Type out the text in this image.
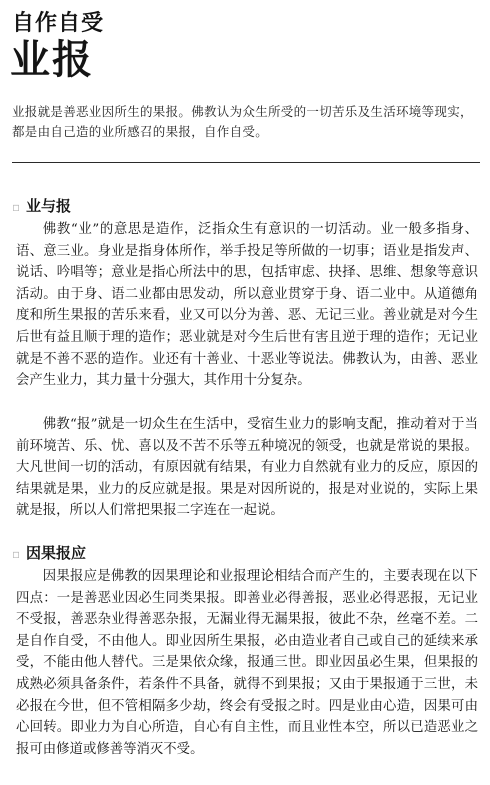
自作自受
业报

业报就是善恶业因所生的果报。佛教认为众生所受的一切苦乐及生活环境等现实，都是由自己造的业所感召的果报，自作自受。

▫ 业与报

佛教“业”的意思是造作，泛指众生有意识的一切活动。业一般多指身、语、意三业。身业是指身体所作，举手投足等所做的一切事；语业是指发声、说话、吟唱等；意业是指心所法中的思，包括审虑、抉择、思维、想象等意识活动。由于身、语二业都由思发动，所以意业贯穿于身、语二业中。从道德角度和所生果报的苦乐来看，业又可以分为善、恶、无记三业。善业就是对今生后世有益且顺于理的造作；恶业就是对今生后世有害且逆于理的造作；无记业就是不善不恶的造作。业还有十善业、十恶业等说法。佛教认为，由善、恶业会产生业力，其力量十分强大，其作用十分复杂。

佛教“报”就是一切众生在生活中，受宿生业力的影响支配，推动着对于当前环境苦、乐、忧、喜以及不苦不乐等五种境况的领受，也就是常说的果报。大凡世间一切的活动，有原因就有结果，有业力自然就有业力的反应，原因的结果就是果，业力的反应就是报。果是对因所说的，报是对业说的，实际上果就是报，所以人们常把果报二字连在一起说。

▫ 因果报应

因果报应是佛教的因果理论和业报理论相结合而产生的，主要表现在以下四点：一是善恶业因必生同类果报。即善业必得善报，恶业必得恶报，无记业不受报，善恶杂业得善恶杂报，无漏业得无漏果报，彼此不杂，丝毫不差。二是自作自受，不由他人。即业因所生果报，必由造业者自己或自己的延续来承受，不能由他人替代。三是果依众缘，报通三世。即业因虽必生果，但果报的成熟必须具备条件，若条件不具备，就得不到果报；又由于果报通于三世，未必报在今世，但不管相隔多少劫，终会有受报之时。四是业由心造，因果可由心回转。即业力为自心所造，自心有自主性，而且业性本空，所以已造恶业之报可由修道或修善等消灭不受。
